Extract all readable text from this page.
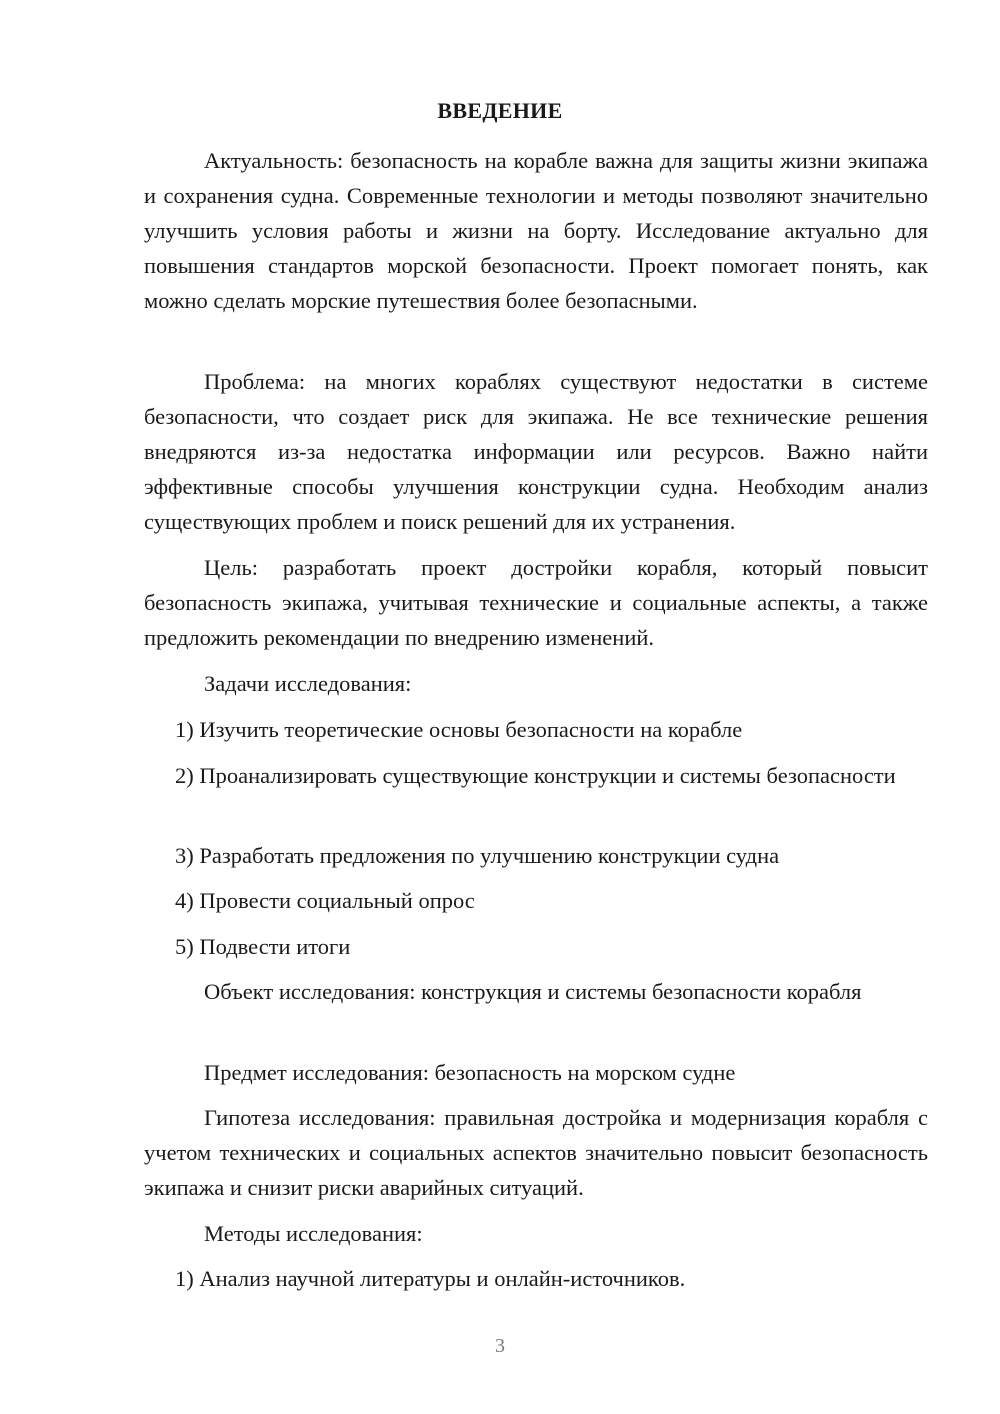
ВВЕДЕНИЕ

Актуальность: безопасность на корабле важна для защиты жизни экипажа и сохранения судна. Современные технологии и методы позволяют значительно улучшить условия работы и жизни на борту. Исследование актуально для повышения стандартов морской безопасности. Проект помогает понять, как можно сделать морские путешествия более безопасными.

Проблема: на многих кораблях существуют недостатки в системе безопасности, что создает риск для экипажа. Не все технические решения внедряются из-за недостатка информации или ресурсов. Важно найти эффективные способы улучшения конструкции судна. Необходим анализ существующих проблем и поиск решений для их устранения.

Цель: разработать проект достройки корабля, который повысит безопасность экипажа, учитывая технические и социальные аспекты, а также предложить рекомендации по внедрению изменений.

Задачи исследования:

1) Изучить теоретические основы безопасности на корабле

2) Проанализировать существующие конструкции и системы безопасности

3) Разработать предложения по улучшению конструкции судна

4) Провести социальный опрос

5) Подвести итоги

Объект исследования: конструкция и системы безопасности корабля

Предмет исследования: безопасность на морском судне

Гипотеза исследования: правильная достройка и модернизация корабля с учетом технических и социальных аспектов значительно повысит безопасность экипажа и снизит риски аварийных ситуаций.

Методы исследования:

1) Анализ научной литературы и онлайн-источников.

3
